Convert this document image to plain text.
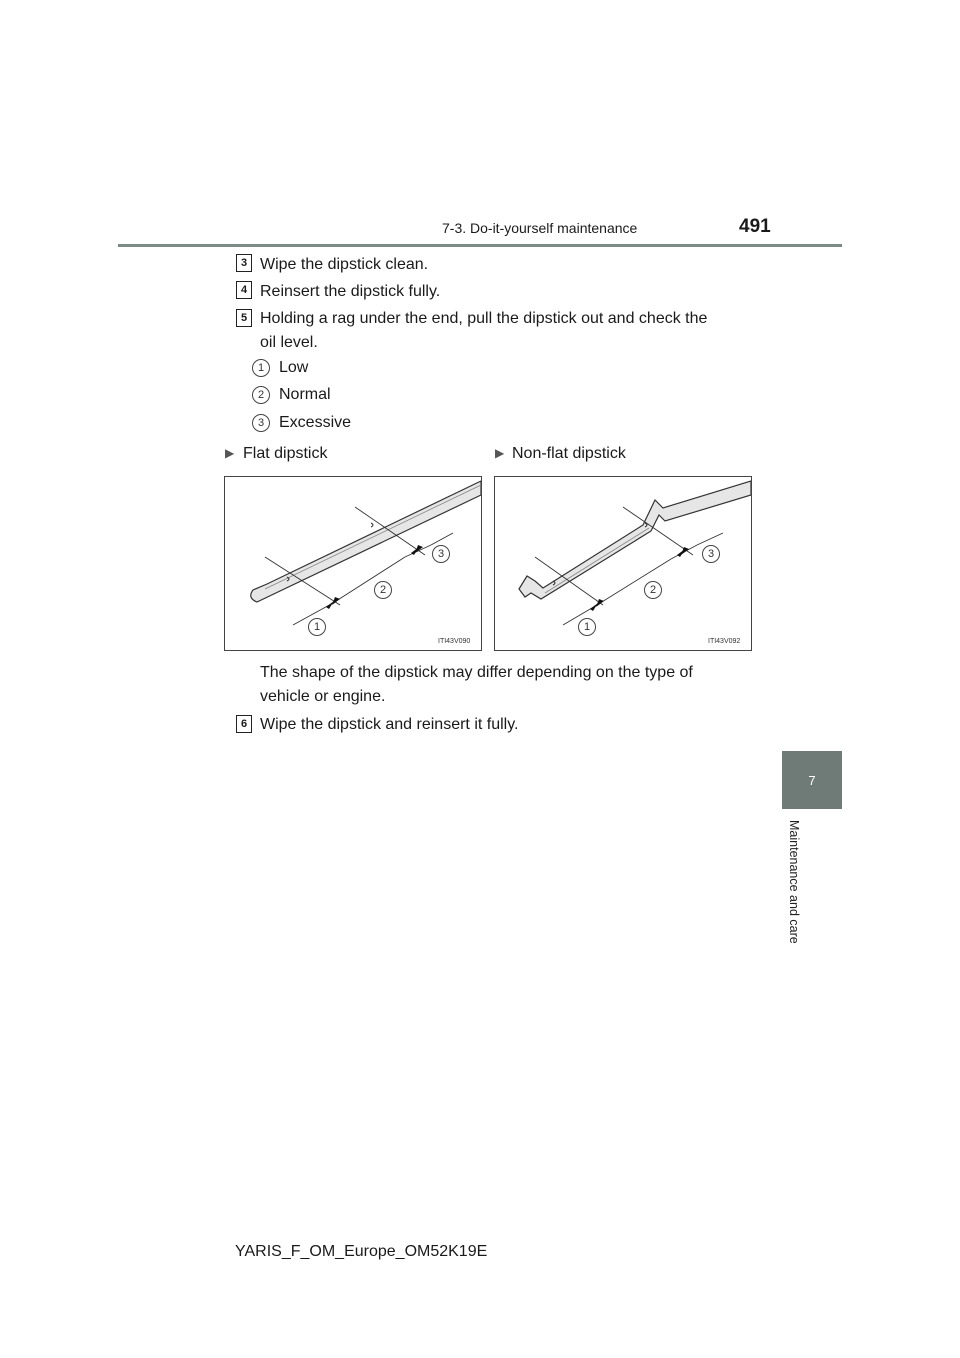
7-3. Do-it-yourself maintenance	491
7
Maintenance and care
3 Wipe the dipstick clean.
4 Reinsert the dipstick fully.
5 Holding a rag under the end, pull the dipstick out and check the
oil level.
1 Low
2 Normal
3 Excessive
▶ Flat dipstick	▶ Non-flat dipstick
1
2
3
ITI43V090
1
2
3
ITI43V092
The shape of the dipstick may differ depending on the type of
vehicle or engine.
6 Wipe the dipstick and reinsert it fully.
YARIS_F_OM_Europe_OM52K19E
